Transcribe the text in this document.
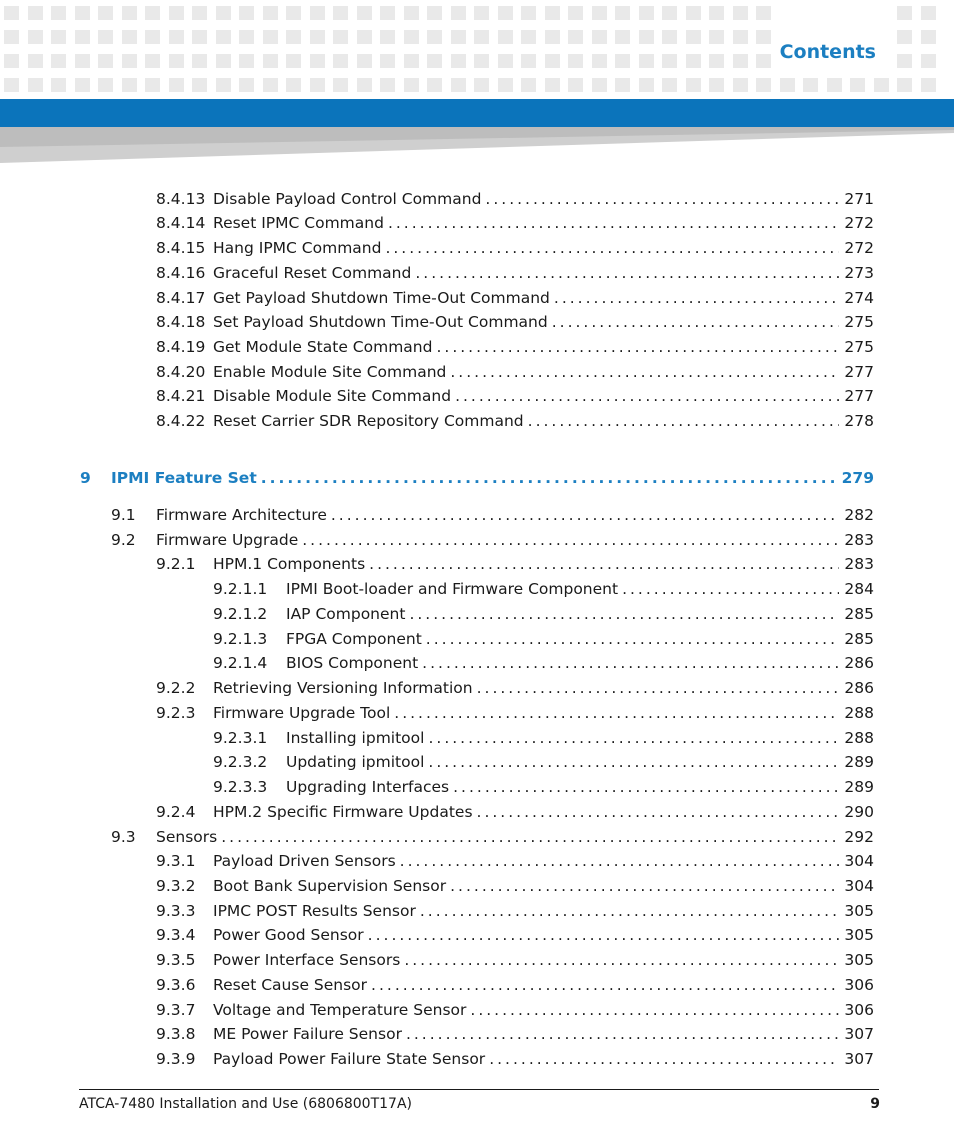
Contents
8.4.13 Disable Payload Control Command .....	271
8.4.14 Reset IPMC Command .....	272
8.4.15 Hang IPMC Command .....	272
8.4.16 Graceful Reset Command .....	273
8.4.17 Get Payload Shutdown Time-Out Command .....	274
8.4.18 Set Payload Shutdown Time-Out Command .....	275
8.4.19 Get Module State Command .....	275
8.4.20 Enable Module Site Command .....	277
8.4.21 Disable Module Site Command .....	277
8.4.22 Reset Carrier SDR Repository Command .....	278
9	IPMI Feature Set .....	279
9.1	Firmware Architecture .....	282
9.2	Firmware Upgrade .....	283
9.2.1	HPM.1 Components .....	283
9.2.1.1	IPMI Boot-loader and Firmware Component .....	284
9.2.1.2	IAP Component .....	285
9.2.1.3	FPGA Component .....	285
9.2.1.4	BIOS Component .....	286
9.2.2	Retrieving Versioning Information .....	286
9.2.3	Firmware Upgrade Tool .....	288
9.2.3.1	Installing ipmitool .....	288
9.2.3.2	Updating ipmitool .....	289
9.2.3.3	Upgrading Interfaces .....	289
9.2.4	HPM.2 Specific Firmware Updates .....	290
9.3	Sensors .....	292
9.3.1	Payload Driven Sensors .....	304
9.3.2	Boot Bank Supervision Sensor .....	304
9.3.3	IPMC POST Results Sensor .....	305
9.3.4	Power Good Sensor .....	305
9.3.5	Power Interface Sensors .....	305
9.3.6	Reset Cause Sensor .....	306
9.3.7	Voltage and Temperature Sensor .....	306
9.3.8	ME Power Failure Sensor .....	307
9.3.9	Payload Power Failure State Sensor .....	307
ATCA-7480 Installation and Use (6806800T17A)	9
